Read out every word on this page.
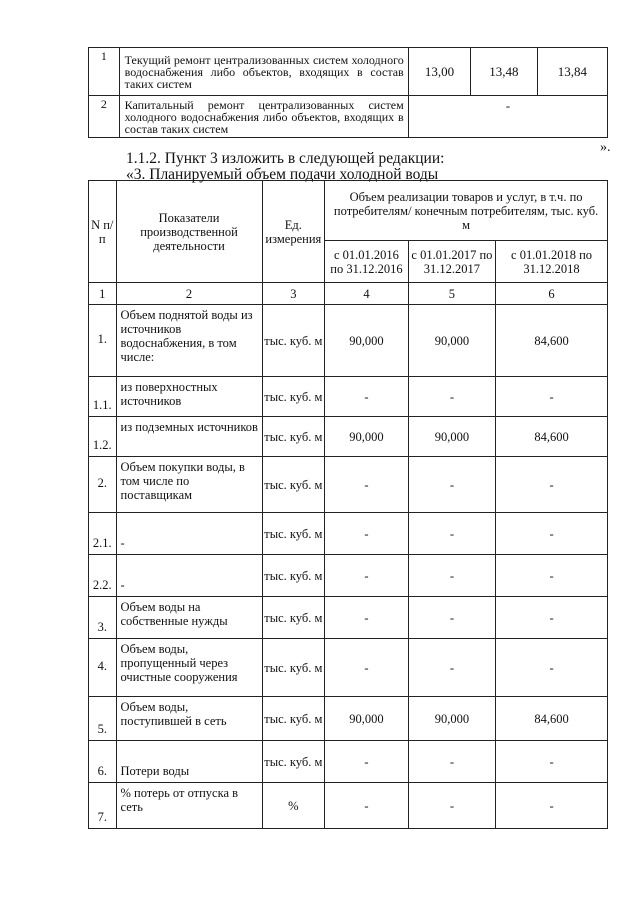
1	Текущий ремонт централизованных систем холодного водоснабжения либо объектов, входящих в состав таких систем	13,00	13,48	13,84
2	Капитальный ремонт централизованных систем холодного водоснабжения либо объектов, входящих в состав таких систем	-		
».
1.1.2. Пункт 3 изложить в следующей редакции:
«3. Планируемый объем подачи холодной воды
N п/п	Показатели производственной деятельности	Ед. измерения	Объем реализации товаров и услуг, в т.ч. по потребителям/ конечным потребителям, тыс. куб. м		
			с 01.01.2016 по 31.12.2016	с 01.01.2017 по 31.12.2017	с 01.01.2018 по 31.12.2018
1	2	3	4	5	6
1.	Объем поднятой воды из источников водоснабжения, в том числе:	тыс. куб. м	90,000	90,000	84,600
1.1.	из поверхностных источников	тыс. куб. м	-	-	-
1.2.	из подземных источников	тыс. куб. м	90,000	90,000	84,600
2.	Объем покупки воды, в том числе по поставщикам	тыс. куб. м	-	-	-
2.1.	-	тыс. куб. м	-	-	-
2.2.	-	тыс. куб. м	-	-	-
3.	Объем воды на собственные нужды	тыс. куб. м	-	-	-
4.	Объем воды, пропущенный через очистные сооружения	тыс. куб. м	-	-	-
5.	Объем воды, поступившей в сеть	тыс. куб. м	90,000	90,000	84,600
6.	Потери воды	тыс. куб. м	-	-	-
7.	% потерь от отпуска в сеть	%	-	-	-
